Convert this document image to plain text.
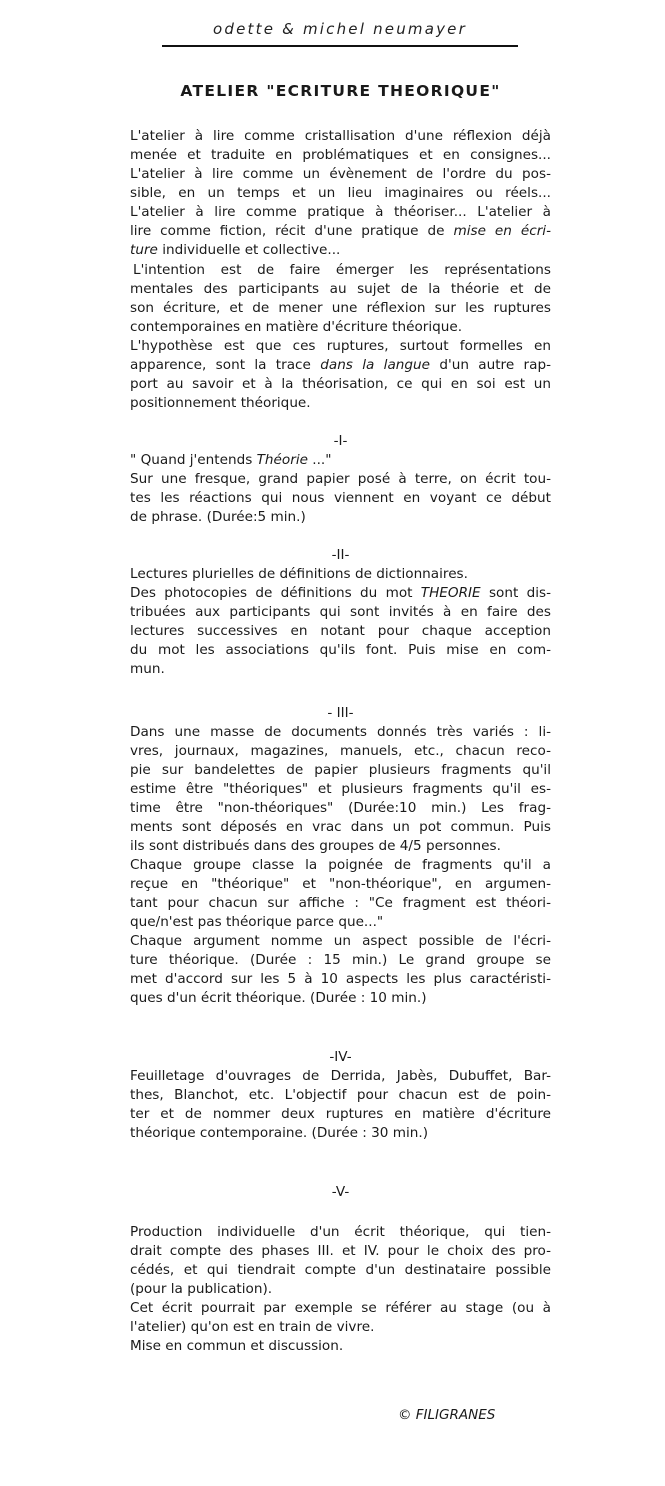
odette & michel neumayer
ATELIER "ECRITURE THEORIQUE"
L'atelier à lire comme cristallisation d'une réflexion déjà
menée et traduite en problématiques et en consignes...
L'atelier à lire comme un évènement de l'ordre du pos-
sible, en un temps et un lieu imaginaires ou réels...
L'atelier à lire comme pratique à théoriser... L'atelier à
lire comme fiction, récit d'une pratique de mise en écri-
ture individuelle et collective...
L'intention est de faire émerger les représentations
mentales des participants au sujet de la théorie et de
son écriture, et de mener une réflexion sur les ruptures
contemporaines en matière d'écriture théorique.
L'hypothèse est que ces ruptures, surtout formelles en
apparence, sont la trace dans la langue d'un autre rap-
port au savoir et à la théorisation, ce qui en soi est un
positionnement théorique.
-I-
" Quand j'entends Théorie ..."
Sur une fresque, grand papier posé à terre, on écrit tou-
tes les réactions qui nous viennent en voyant ce début
de phrase. (Durée:5 min.)
-II-
Lectures plurielles de définitions de dictionnaires.
Des photocopies de définitions du mot THEORIE sont dis-
tribuées aux participants qui sont invités à en faire des
lectures successives en notant pour chaque acception
du mot les associations qu'ils font. Puis mise en com-
mun.
- III-
Dans une masse de documents donnés très variés : li-
vres, journaux, magazines, manuels, etc., chacun reco-
pie sur bandelettes de papier plusieurs fragments qu'il
estime être "théoriques" et plusieurs fragments qu'il es-
time être "non-théoriques" (Durée:10 min.) Les frag-
ments sont déposés en vrac dans un pot commun. Puis
ils sont distribués dans des groupes de 4/5 personnes.
Chaque groupe classe la poignée de fragments qu'il a
reçue en "théorique" et "non-théorique", en argumen-
tant pour chacun sur affiche : "Ce fragment est théori-
que/n'est pas théorique parce que..."
Chaque argument nomme un aspect possible de l'écri-
ture théorique. (Durée : 15 min.) Le grand groupe se
met d'accord sur les 5 à 10 aspects les plus caractéristi-
ques d'un écrit théorique. (Durée : 10 min.)
-IV-
Feuilletage d'ouvrages de Derrida, Jabès, Dubuffet, Bar-
thes, Blanchot, etc. L'objectif pour chacun est de poin-
ter et de nommer deux ruptures en matière d'écriture
théorique contemporaine. (Durée : 30 min.)
-V-
Production individuelle d'un écrit théorique, qui tien-
drait compte des phases III. et IV. pour le choix des pro-
cédés, et qui tiendrait compte d'un destinataire possible
(pour la publication).
Cet écrit pourrait par exemple se référer au stage (ou à
l'atelier) qu'on est en train de vivre.
Mise en commun et discussion.
© FILIGRANES
